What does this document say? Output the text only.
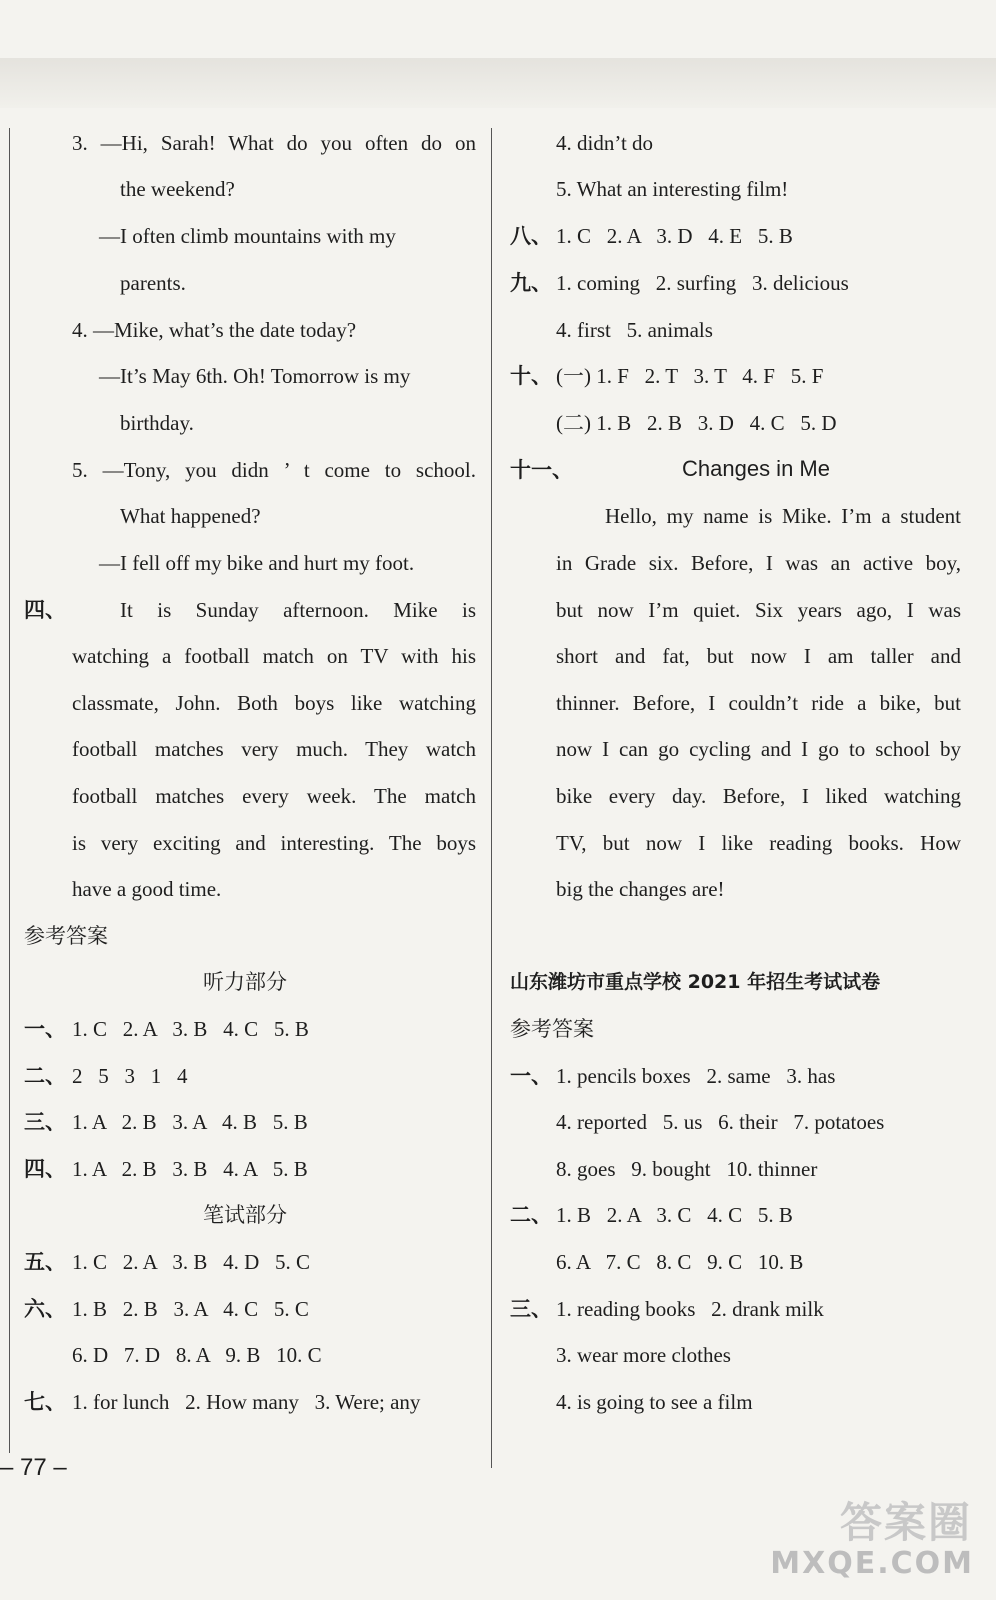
3. —Hi, Sarah! What do you often do on
the weekend?
—I often climb mountains with my
parents.
4. —Mike, what’s the date today?
—It’s May 6th. Oh! Tomorrow is my
birthday.
5. —Tony, you didn ’ t come to school.
What happened?
—I fell off my bike and hurt my foot.
四、	It is Sunday afternoon. Mike is
watching a football match on TV with his
classmate, John. Both boys like watching
football matches very much. They watch
football matches every week. The match
is very exciting and interesting. The boys
have a good time.
参考答案
听力部分
一、 1. C   2. A   3. B   4. C   5. B
二、 2   5   3   1   4
三、 1. A   2. B   3. A   4. B   5. B
四、 1. A   2. B   3. B   4. A   5. B
笔试部分
五、 1. C   2. A   3. B   4. D   5. C
六、 1. B   2. B   3. A   4. C   5. C
6. D   7. D   8. A   9. B   10. C
七、 1. for lunch   2. How many   3. Were; any
4. didn’t do
5. What an interesting film!
八、 1. C   2. A   3. D   4. E   5. B
九、 1. coming   2. surfing   3. delicious
4. first   5. animals
十、 (一) 1. F   2. T   3. T   4. F   5. F
(二) 1. B   2. B   3. D   4. C   5. D
十一、	Changes in Me
Hello, my name is Mike. I’m a student
in Grade six. Before, I was an active boy,
but now I’m quiet. Six years ago, I was
short and fat, but now I am taller and
thinner. Before, I couldn’t ride a bike, but
now I can go cycling and I go to school by
bike every day. Before, I liked watching
TV, but now I like reading books. How
big the changes are!
山东潍坊市重点学校 2021 年招生考试试卷
参考答案
一、 1. pencils boxes   2. same   3. has
4. reported   5. us   6. their   7. potatoes
8. goes   9. bought   10. thinner
二、 1. B   2. A   3. C   4. C   5. B
6. A   7. C   8. C   9. C   10. B
三、 1. reading books   2. drank milk
3. wear more clothes
4. is going to see a film
– 77 –
答案圈
MXQE.COM
